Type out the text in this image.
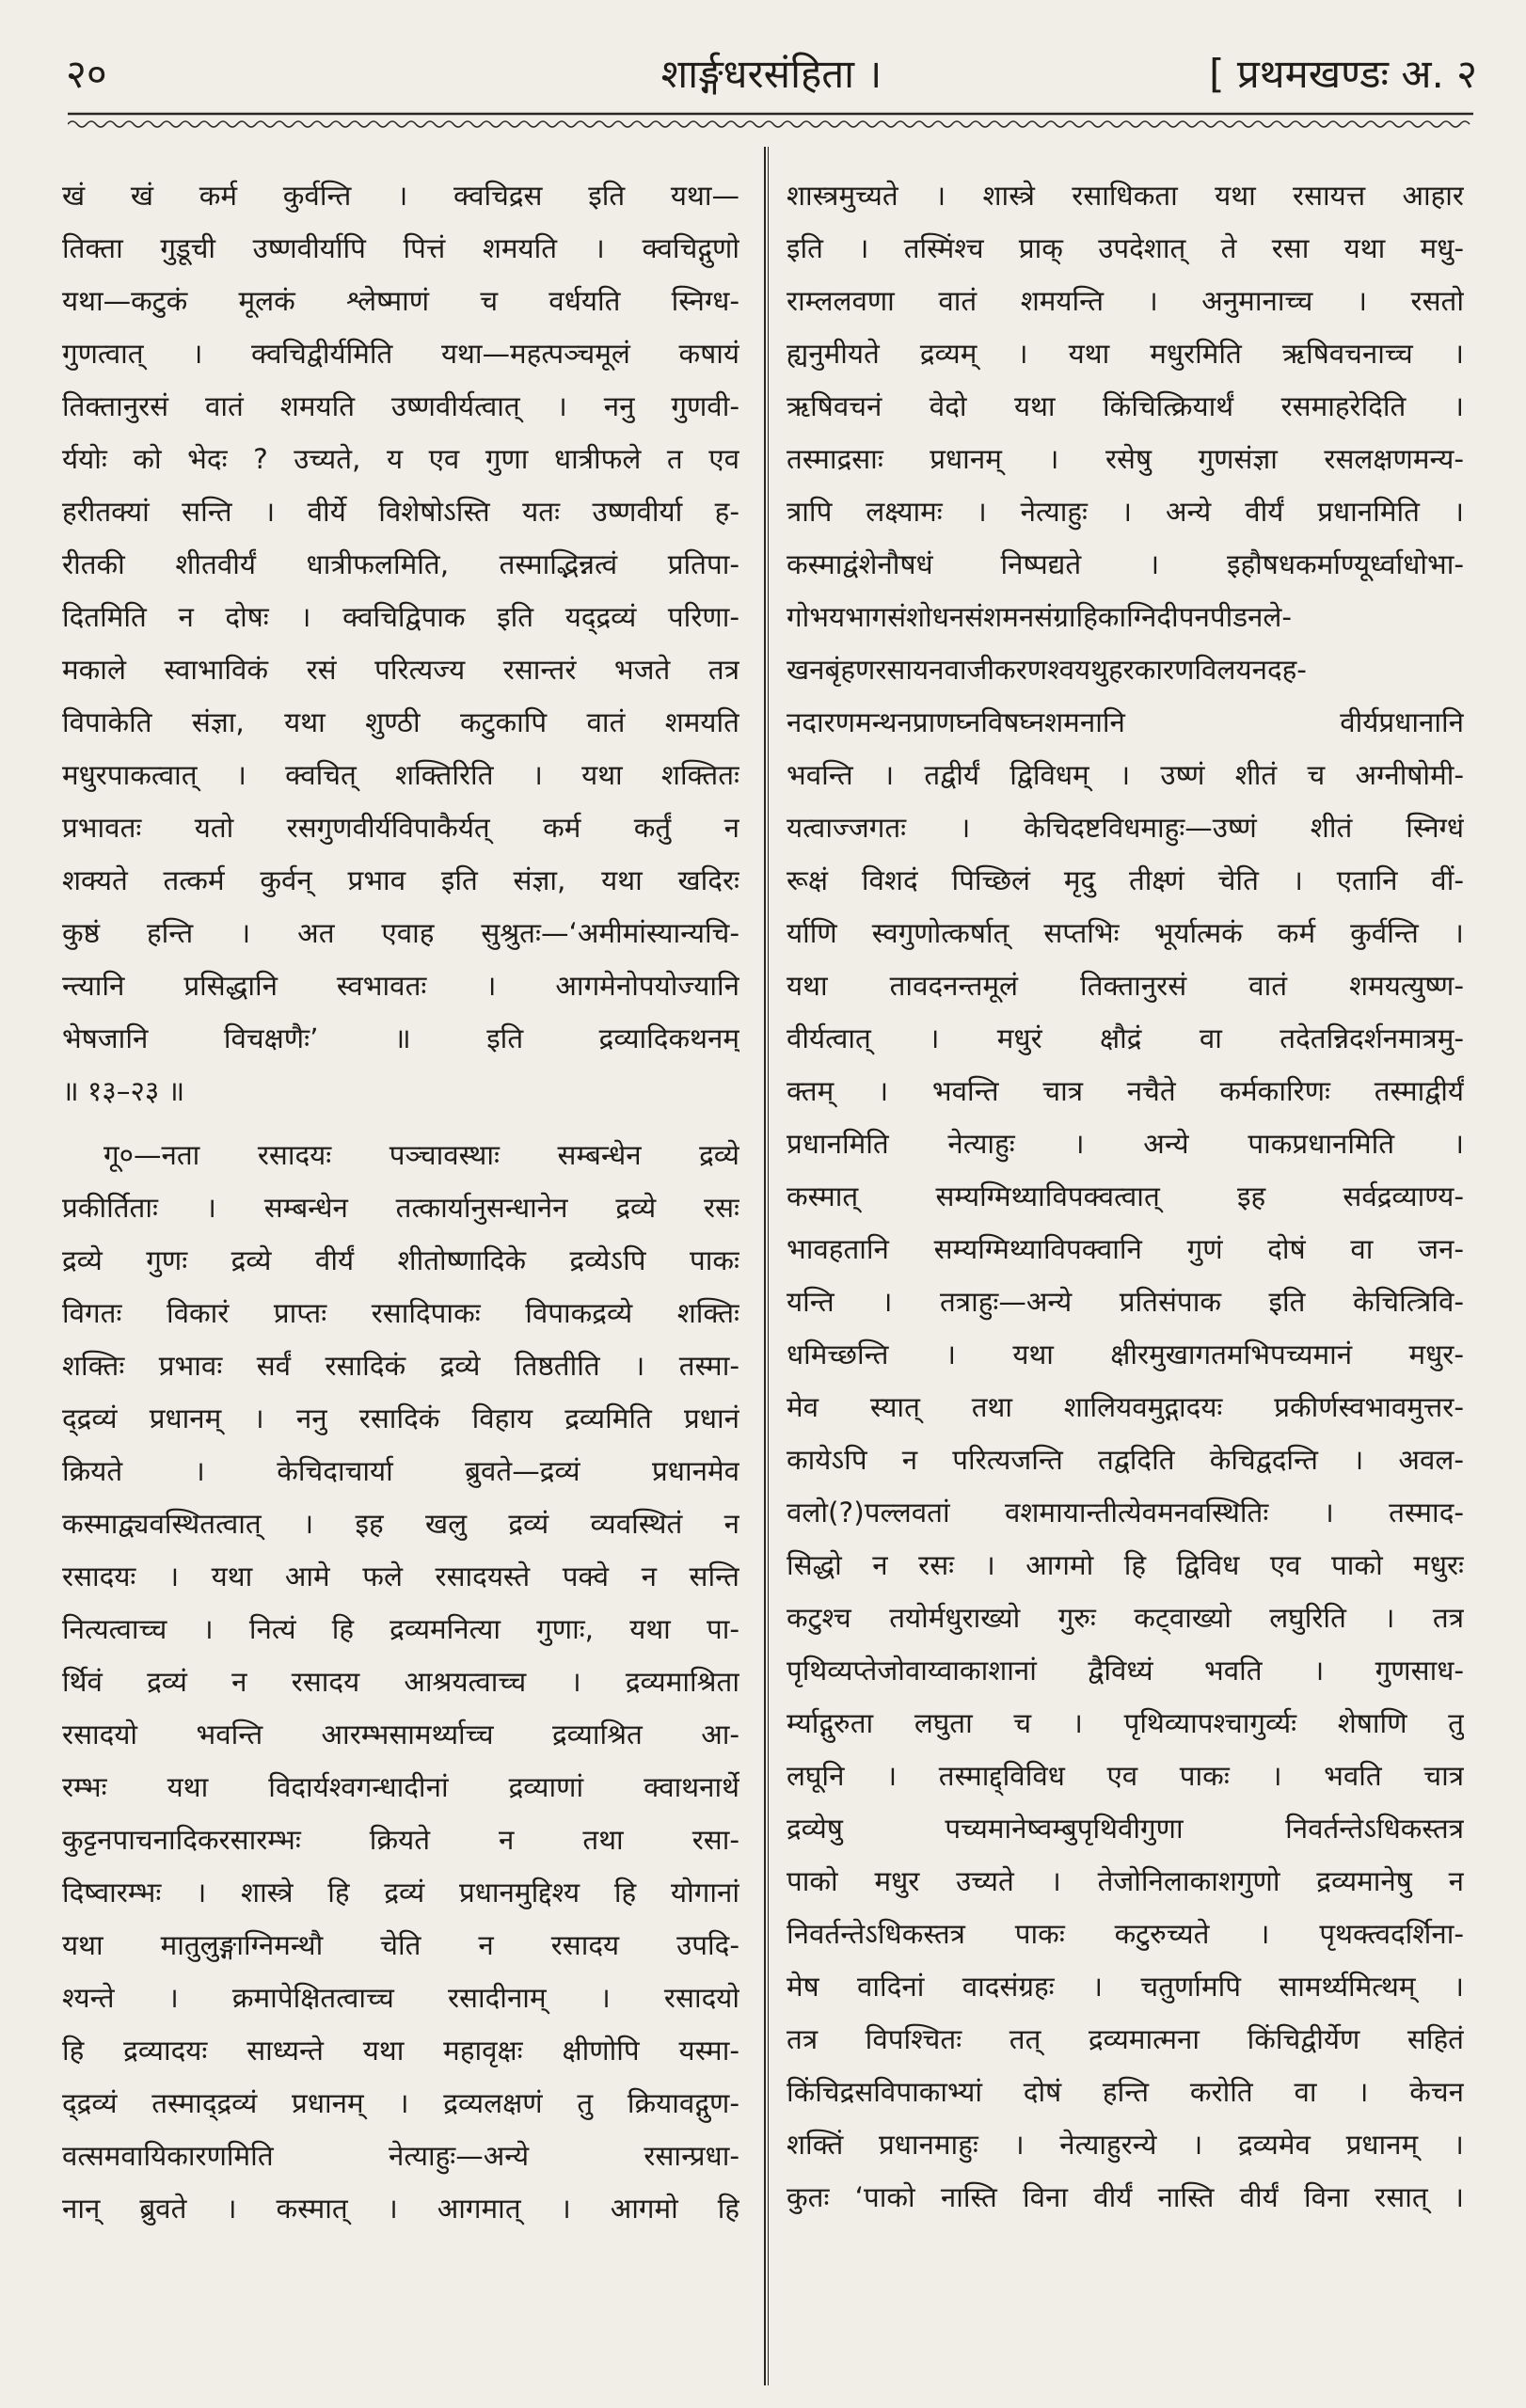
२०	शार्ङ्गधरसंहिता ।	[ प्रथमखण्डः अ. २
खं खं कर्म कुर्वन्ति । क्वचिद्रस इति यथा—
तिक्ता गुडूची उष्णवीर्यापि पित्तं शमयति । क्वचिद्गुणो
यथा—कटुकं मूलकं श्लेष्माणं च वर्धयति स्निग्ध-
गुणत्वात् । क्वचिद्वीर्यमिति यथा—महत्पञ्चमूलं कषायं
तिक्तानुरसं वातं शमयति उष्णवीर्यत्वात् । ननु गुणवी-
र्ययोः को भेदः ? उच्यते, य एव गुणा धात्रीफले त एव
हरीतक्यां सन्ति । वीर्ये विशेषोऽस्ति यतः उष्णवीर्या ह-
रीतकी शीतवीर्यं धात्रीफलमिति, तस्माद्भिन्नत्वं प्रतिपा-
दितमिति न दोषः । क्वचिद्विपाक इति यद्द्रव्यं परिणा-
मकाले स्वाभाविकं रसं परित्यज्य रसान्तरं भजते तत्र
विपाकेति संज्ञा, यथा शुण्ठी कटुकापि वातं शमयति
मधुरपाकत्वात् । क्वचित् शक्तिरिति । यथा शक्तितः
प्रभावतः यतो रसगुणवीर्यविपाकैर्यत् कर्म कर्तुं न
शक्यते तत्कर्म कुर्वन् प्रभाव इति संज्ञा, यथा खदिरः
कुष्ठं हन्ति । अत एवाह सुश्रुतः—‘अमीमांस्यान्यचि-
न्त्यानि प्रसिद्धानि स्वभावतः । आगमेनोपयोज्यानि
भेषजानि विचक्षणैः’ ॥ इति द्रव्यादिकथनम्
॥ १३–२३ ॥
गू०—नता रसादयः पञ्चावस्थाः सम्बन्धेन द्रव्ये
प्रकीर्तिताः । सम्बन्धेन तत्कार्यानुसन्धानेन द्रव्ये रसः
द्रव्ये गुणः द्रव्ये वीर्यं शीतोष्णादिके द्रव्येऽपि पाकः
विगतः विकारं प्राप्तः रसादिपाकः विपाकद्रव्ये शक्तिः
शक्तिः प्रभावः सर्वं रसादिकं द्रव्ये तिष्ठतीति । तस्मा-
द्द्रव्यं प्रधानम् । ननु रसादिकं विहाय द्रव्यमिति प्रधानं
क्रियते । केचिदाचार्या ब्रुवते—द्रव्यं प्रधानमेव
कस्माद्व्यवस्थितत्वात् । इह खलु द्रव्यं व्यवस्थितं न
रसादयः । यथा आमे फले रसादयस्ते पक्वे न सन्ति
नित्यत्वाच्च । नित्यं हि द्रव्यमनित्या गुणाः, यथा पा-
र्थिवं द्रव्यं न रसादय आश्रयत्वाच्च । द्रव्यमाश्रिता
रसादयो भवन्ति आरम्भसामर्थ्याच्च द्रव्याश्रित आ-
रम्भः यथा विदार्यश्वगन्धादीनां द्रव्याणां क्वाथनार्थे
कुट्टनपाचनादिकरसारम्भः क्रियते न तथा रसा-
दिष्वारम्भः । शास्त्रे हि द्रव्यं प्रधानमुद्दिश्य हि योगानां
यथा मातुलुङ्गाग्निमन्थौ चेति न रसादय उपदि-
श्यन्ते । क्रमापेक्षितत्वाच्च रसादीनाम् । रसादयो
हि द्रव्यादयः साध्यन्ते यथा महावृक्षः क्षीणोपि यस्मा-
द्द्रव्यं तस्माद्द्रव्यं प्रधानम् । द्रव्यलक्षणं तु क्रियावद्गुण-
वत्समवायिकारणमिति नेत्याहुः—अन्ये रसान्प्रधा-
नान् ब्रुवते । कस्मात् । आगमात् । आगमो हि
शास्त्रमुच्यते । शास्त्रे रसाधिकता यथा रसायत्त आहार
इति । तस्मिंश्च प्राक् उपदेशात् ते रसा यथा मधु-
राम्ललवणा वातं शमयन्ति । अनुमानाच्च । रसतो
ह्यनुमीयते द्रव्यम् । यथा मधुरमिति ऋषिवचनाच्च ।
ऋषिवचनं वेदो यथा किंचित्क्रियार्थं रसमाहरेदिति ।
तस्माद्रसाः प्रधानम् । रसेषु गुणसंज्ञा रसलक्षणमन्य-
त्रापि लक्ष्यामः । नेत्याहुः । अन्ये वीर्यं प्रधानमिति ।
कस्माद्वंशेनौषधं निष्पद्यते । इहौषधकर्माण्यूर्ध्वाधोभा-
गोभयभागसंशोधनसंशमनसंग्राहिकाग्निदीपनपीडनले-
खनबृंहणरसायनवाजीकरणश्वयथुहरकारणविलयनदह-
नदारणमन्थनप्राणघ्नविषघ्नशमनानि वीर्यप्रधानानि
भवन्ति । तद्वीर्यं द्विविधम् । उष्णं शीतं च अग्नीषोमी-
यत्वाज्जगतः । केचिदष्टविधमाहुः—उष्णं शीतं स्निग्धं
रूक्षं विशदं पिच्छिलं मृदु तीक्ष्णं चेति । एतानि वीं-
र्याणि स्वगुणोत्कर्षात् सप्तभिः भूर्यात्मकं कर्म कुर्वन्ति ।
यथा तावदनन्तमूलं तिक्तानुरसं वातं शमयत्युष्ण-
वीर्यत्वात् । मधुरं क्षौद्रं वा तदेतन्निदर्शनमात्रमु-
क्तम् । भवन्ति चात्र नचैते कर्मकारिणः तस्माद्वीर्यं
प्रधानमिति नेत्याहुः । अन्ये पाकप्रधानमिति ।
कस्मात् सम्यग्मिथ्याविपक्वत्वात् इह सर्वद्रव्याण्य-
भावहतानि सम्यग्मिथ्याविपक्वानि गुणं दोषं वा जन-
यन्ति । तत्राहुः—अन्ये प्रतिसंपाक इति केचित्त्रिवि-
धमिच्छन्ति । यथा क्षीरमुखागतमभिपच्यमानं मधुर-
मेव स्यात् तथा शालियवमुद्गादयः प्रकीर्णस्वभावमुत्तर-
कायेऽपि न परित्यजन्ति तद्वदिति केचिद्वदन्ति । अवल-
वलो(?)पल्लवतां वशमायान्तीत्येवमनवस्थितिः । तस्माद-
सिद्धो न रसः । आगमो हि द्विविध एव पाको मधुरः
कटुश्च तयोर्मधुराख्यो गुरुः कट्वाख्यो लघुरिति । तत्र
पृथिव्यप्तेजोवाय्वाकाशानां द्वैविध्यं भवति । गुणसाध-
र्म्याद्गुरुता लघुता च । पृथिव्यापश्चागुर्व्यः शेषाणि तु
लघूनि । तस्माद्द्विविध एव पाकः । भवति चात्र
द्रव्येषु पच्यमानेष्वम्बुपृथिवीगुणा निवर्तन्तेऽधिकस्तत्र
पाको मधुर उच्यते । तेजोनिलाकाशगुणो द्रव्यमानेषु न
निवर्तन्तेऽधिकस्तत्र पाकः कटुरुच्यते । पृथक्त्वदर्शिना-
मेष वादिनां वादसंग्रहः । चतुर्णामपि सामर्थ्यमित्थम् ।
तत्र विपश्चितः तत् द्रव्यमात्मना किंचिद्वीर्येण सहितं
किंचिद्रसविपाकाभ्यां दोषं हन्ति करोति वा । केचन
शक्तिं प्रधानमाहुः । नेत्याहुरन्ये । द्रव्यमेव प्रधानम् ।
कुतः ‘पाको नास्ति विना वीर्यं नास्ति वीर्यं विना रसात् ।
